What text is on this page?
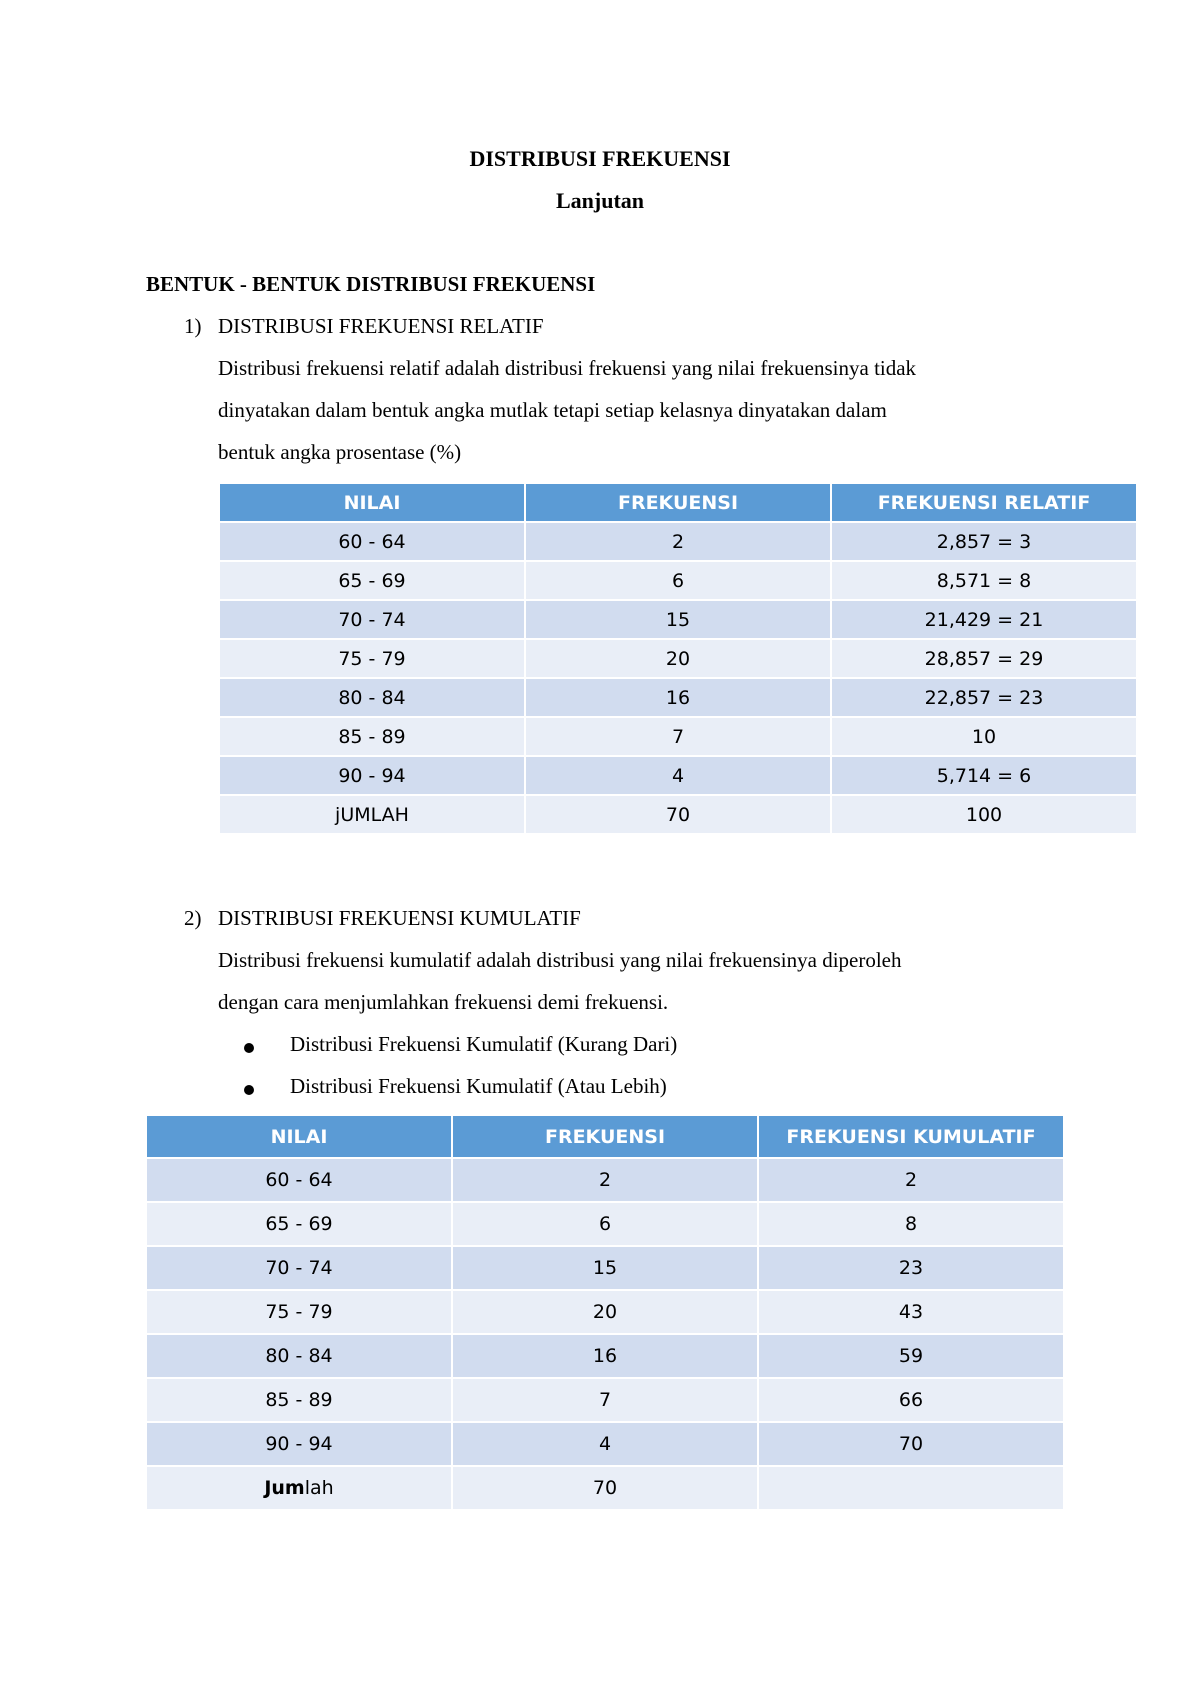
DISTRIBUSI FREKUENSI
Lanjutan
BENTUK - BENTUK DISTRIBUSI FREKUENSI
1) DISTRIBUSI FREKUENSI RELATIF
Distribusi frekuensi relatif adalah distribusi frekuensi yang nilai frekuensinya tidak
dinyatakan dalam bentuk angka mutlak tetapi setiap kelasnya dinyatakan dalam
bentuk angka prosentase (%)
NILAI	FREKUENSI	FREKUENSI RELATIF
60 - 64	2	2,857 = 3
65 - 69	6	8,571 = 8
70 - 74	15	21,429 = 21
75 - 79	20	28,857 = 29
80 - 84	16	22,857 = 23
85 - 89	7	10
90 - 94	4	5,714 = 6
jUMLAH	70	100
2) DISTRIBUSI FREKUENSI KUMULATIF
Distribusi frekuensi kumulatif adalah distribusi yang nilai frekuensinya diperoleh
dengan cara menjumlahkan frekuensi demi frekuensi.
Distribusi Frekuensi Kumulatif (Kurang Dari)
Distribusi Frekuensi Kumulatif (Atau Lebih)
NILAI	FREKUENSI	FREKUENSI KUMULATIF
60 - 64	2	2
65 - 69	6	8
70 - 74	15	23
75 - 79	20	43
80 - 84	16	59
85 - 89	7	66
90 - 94	4	70
Jumlah	70	
